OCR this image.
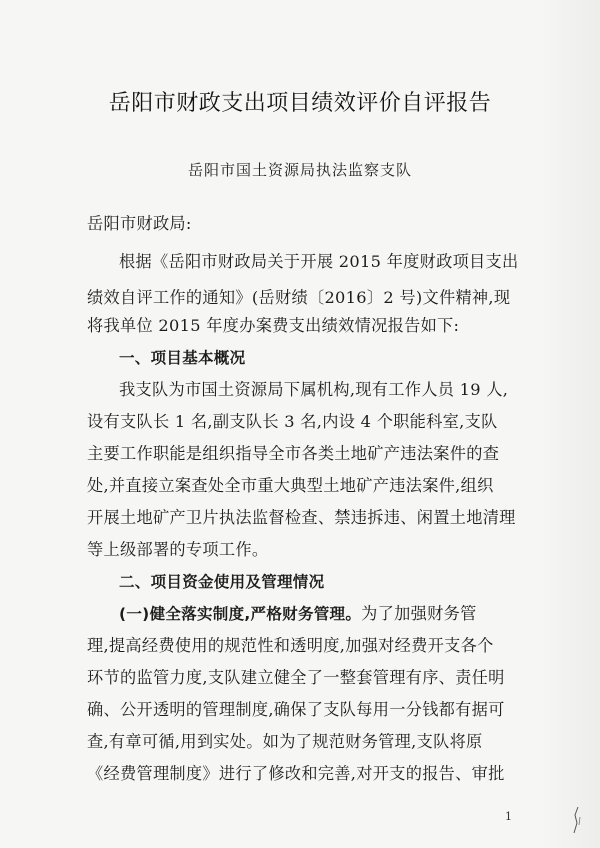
岳阳市财政支出项目绩效评价自评报告
岳阳市国土资源局执法监察支队
岳阳市财政局:
根据《岳阳市财政局关于开展 2015 年度财政项目支出
绩效自评工作的通知》(岳财绩〔2016〕2 号)文件精神,现
将我单位 2015 年度办案费支出绩效情况报告如下:
一、项目基本概况
我支队为市国土资源局下属机构,现有工作人员 19 人,
设有支队长 1 名,副支队长 3 名,内设 4 个职能科室,支队
主要工作职能是组织指导全市各类土地矿产违法案件的查
处,并直接立案查处全市重大典型土地矿产违法案件,组织
开展土地矿产卫片执法监督检查、禁违拆违、闲置土地清理
等上级部署的专项工作。
二、项目资金使用及管理情况
(一)健全落实制度,严格财务管理。为了加强财务管
理,提高经费使用的规范性和透明度,加强对经费开支各个
环节的监管力度,支队建立健全了一整套管理有序、责任明
确、公开透明的管理制度,确保了支队每用一分钱都有据可
查,有章可循,用到实处。如为了规范财务管理,支队将原
《经费管理制度》进行了修改和完善,对开支的报告、审批
1
